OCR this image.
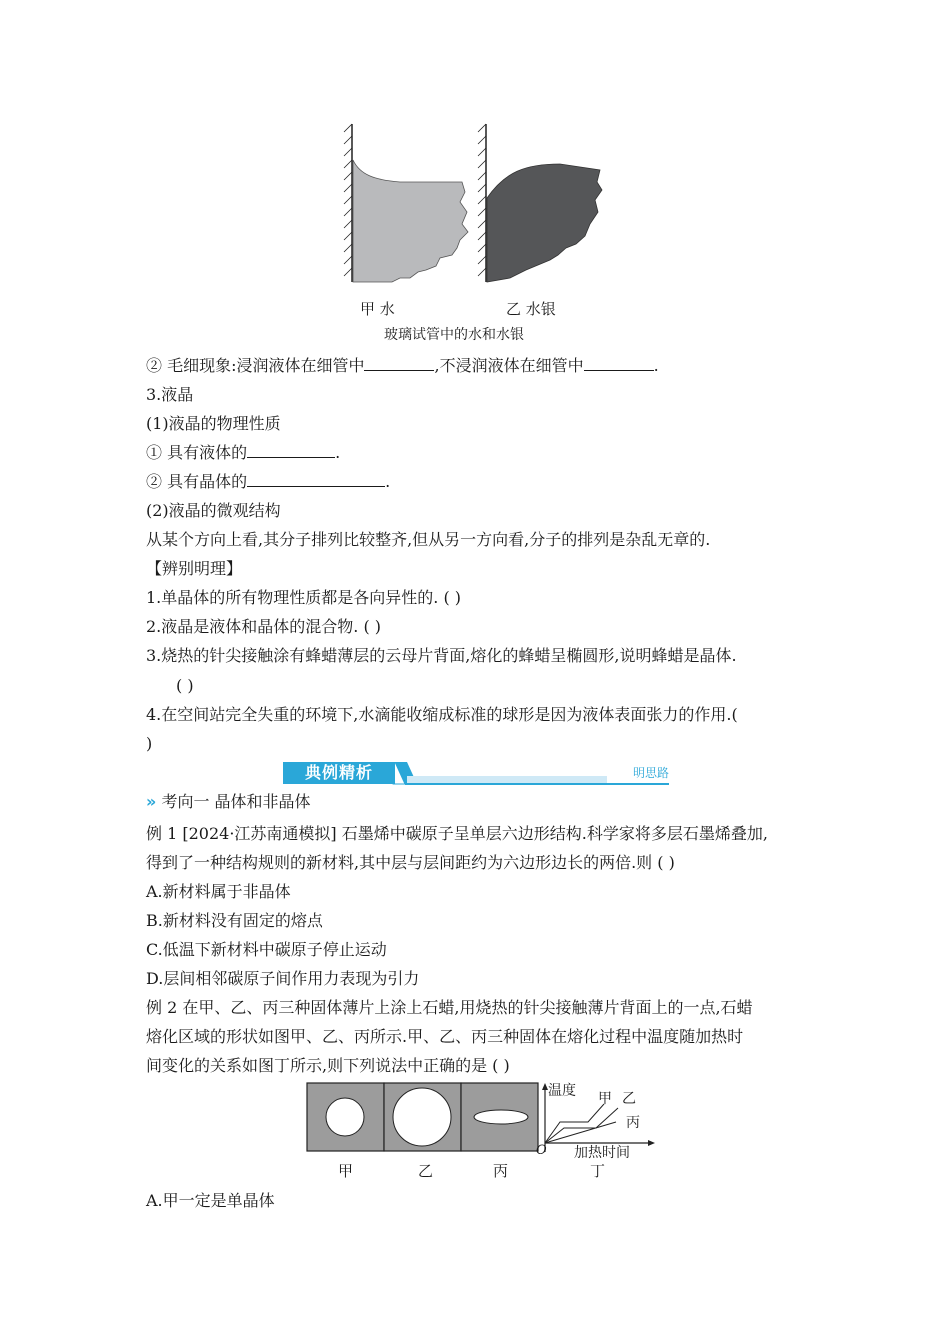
甲 水	乙 水银
玻璃试管中的水和水银
② 毛细现象:浸润液体在细管中	,不浸润液体在细管中	.
3.液晶
(1)液晶的物理性质
① 具有液体的	.
② 具有晶体的	.
(2)液晶的微观结构
从某个方向上看,其分子排列比较整齐,但从另一方向看,分子的排列是杂乱无章的.
【辨别明理】
1.单晶体的所有物理性质都是各向异性的. ( )
2.液晶是液体和晶体的混合物. ( )
3.烧热的针尖接触涂有蜂蜡薄层的云母片背面,熔化的蜂蜡呈椭圆形,说明蜂蜡是晶体.
( )
4.在空间站完全失重的环境下,水滴能收缩成标准的球形是因为液体表面张力的作用.(
)
典例精析	明思路
» 考向一 晶体和非晶体
例 1 [2024·江苏南通模拟] 石墨烯中碳原子呈单层六边形结构.科学家将多层石墨烯叠加,
得到了一种结构规则的新材料,其中层与层间距约为六边形边长的两倍.则 ( )
A.新材料属于非晶体
B.新材料没有固定的熔点
C.低温下新材料中碳原子停止运动
D.层间相邻碳原子间作用力表现为引力
例 2 在甲、乙、丙三种固体薄片上涂上石蜡,用烧热的针尖接触薄片背面上的一点,石蜡
熔化区域的形状如图甲、乙、丙所示.甲、乙、丙三种固体在熔化过程中温度随加热时
间变化的关系如图丁所示,则下列说法中正确的是 ( )
温度 甲 乙
丙
O 加热时间
甲	乙	丙	丁
A.甲一定是单晶体
